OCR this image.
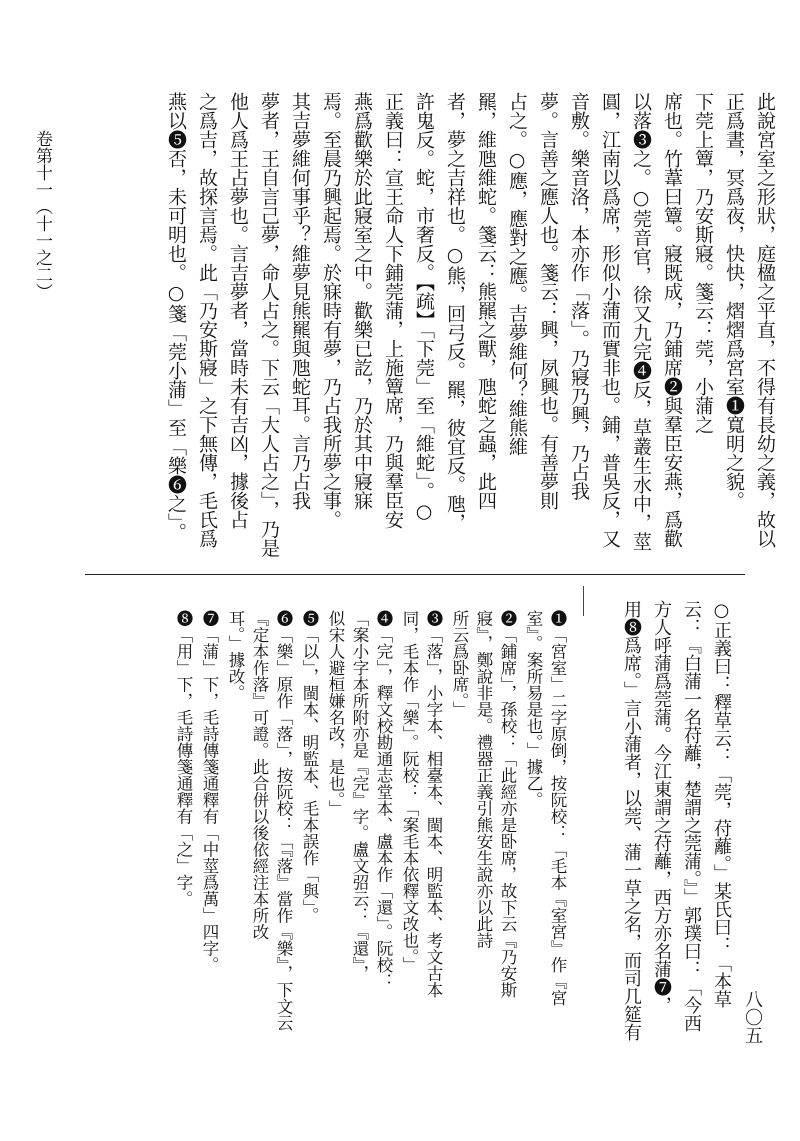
此說宮室之形狀，庭楹之平直，不得有長幼之義，故以
正爲晝，冥爲夜，快快，熠熠爲宮室❶寬明之貌。
下莞上簟，乃安斯寢。箋云：莞，小蒲之
席也。竹葦曰簟。寢既成，乃鋪席❷與羣臣安燕，爲歡
以落❸之。○莞音官，徐又九完❹反，草叢生水中，莖
圓，江南以爲席，形似小蒲而實非也。鋪，普吳反，又
音敷。樂音洛，本亦作「落」。乃寢乃興，乃占我
夢。言善之應人也。箋云：興，夙興也。有善夢則
占之。○應，應對之應。吉夢維何？維熊維
羆，維虺維蛇。箋云：熊羆之獸，虺蛇之蟲，此四
者，夢之吉祥也。○熊，回弓反。羆，彼宜反。虺，
許鬼反。蛇，市奢反。【疏】「下莞」至「維蛇」。○
正義曰：宣王命人下鋪莞蒲，上施簟席，乃與羣臣安
燕爲歡樂於此寢室之中。歡樂已訖，乃於其中寢寐
焉。至晨乃興起焉。於寐時有夢，乃占我所夢之事。
其吉夢維何事乎？維夢見熊羆與虺蛇耳。言乃占我
夢者，王自言己夢，命人占之。下云「大人占之」，乃是
他人爲王占夢也。言吉夢者，當時未有吉凶，據後占
之爲吉，故探言焉。此「乃安斯寢」之下無傳，毛氏爲
燕以❺否，未可明也。○箋「莞小蒲」至「樂❻之」。
卷第十一（十一之二）
八〇五
○正義曰：釋草云：「莞，苻蘺。」某氏曰：「本草
云：『白蒲一名苻蘺，楚謂之莞蒲。』」郭璞曰：「今西
方人呼蒲爲莞蒲。今江東謂之苻蘺，西方亦名蒲❼，
用❽爲席。」言小蒲者，以莞、蒲一草之名，而司几筵有
❶「宮室」二字原倒，按阮校：「毛本『室宮』作『宮
室』。案所易是也。」據乙。
❷「鋪席」，孫校：「此經亦是卧席，故下云『乃安斯
寢』，鄭說非是。禮器正義引熊安生說亦以此詩
所云爲卧席。」
❸「落」，小字本、相臺本、閩本、明監本、考文古本
同，毛本作「樂」。阮校：「案毛本依釋文改也。」
❹「完」，釋文校勘通志堂本、盧本作「還」。阮校：
「案小字本所附亦是『完』字。盧文弨云：『還』，
似宋人避桓嫌名改，是也。」
❺「以」，閩本、明監本、毛本誤作「與」。
❻「樂」原作「落」，按阮校：「『落』當作『樂』，下文云
『定本作落』可證。此合併以後依經注本所改
耳。」據改。
❼「蒲」下，毛詩傳箋通釋有「中莖爲萬」四字。
❽「用」下，毛詩傳箋通釋有「之」字。
